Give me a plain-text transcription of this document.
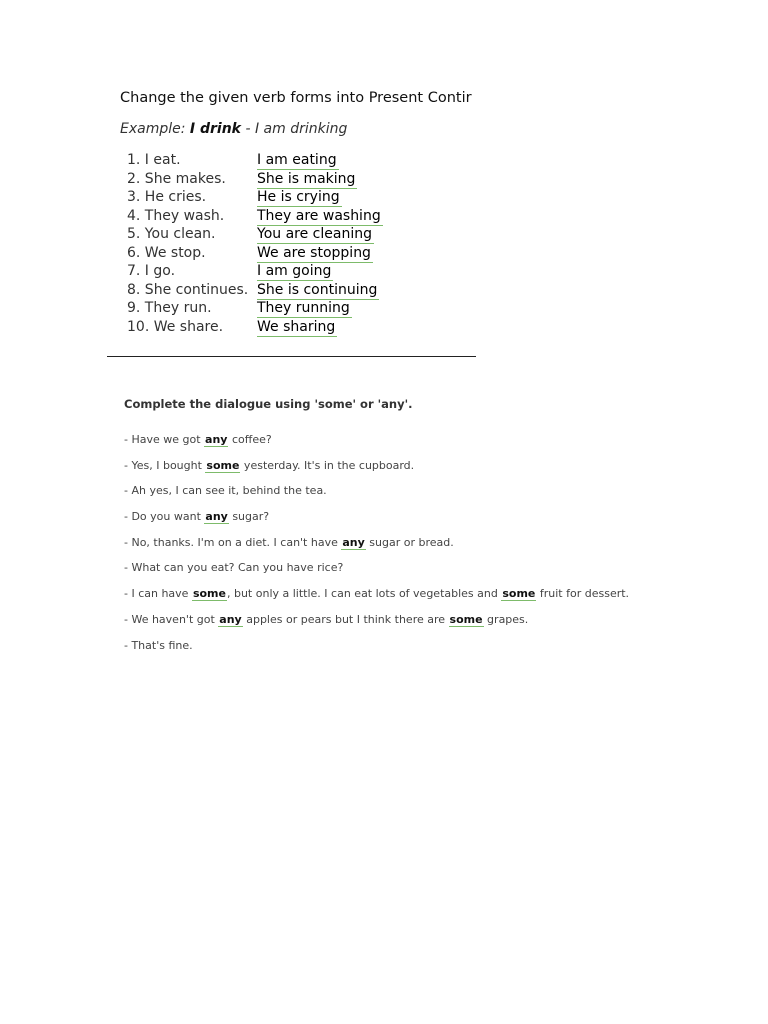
Change the given verb forms into Present Contir
Example: I drink - I am drinking
1. I eat.	I am eating
2. She makes. She is making
3. He cries.	He is crying
4. They wash. They are washing
5. You clean.	You are cleaning
6. We stop.	We are stopping
7. I go.	I am going
8. She continues. She is continuing
9. They run.	They running
10. We share. We sharing
Complete the dialogue using 'some' or 'any'.
- Have we got any coffee?
- Yes, I bought some yesterday. It's in the cupboard.
- Ah yes, I can see it, behind the tea.
- Do you want any sugar?
- No, thanks. I'm on a diet. I can't have any sugar or bread.
- What can you eat? Can you have rice?
- I can have some, but only a little. I can eat lots of vegetables and some fruit for dessert.
- We haven't got any apples or pears but I think there are some grapes.
- That's fine.
